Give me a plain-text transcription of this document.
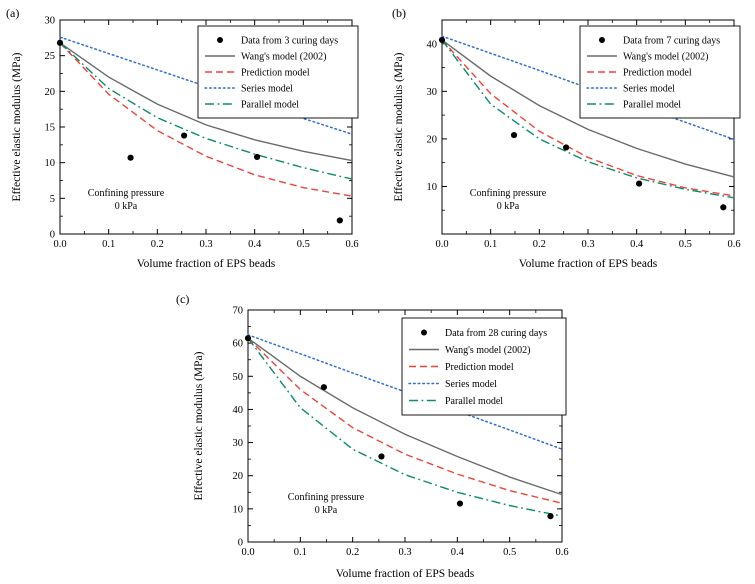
(a)
0.0	0.1	0.2	0.3	0.4	0.5	0.6
0
5
10
15
20
25
30
Volume fraction of EPS beads
Effective elastic modulus (MPa)	Confining pressure
0 kPa
Data from 3 curing days
Wang's model (2002)
Prediction model
Series model
Parallel model
(b)
0.0	0.1	0.2	0.3	0.4	0.5	0.6
10
20
30
40
Volume fraction of EPS beads
Effective elastic modulus (MPa)	Confining pressure
0 kPa
Data from 7 curing days
Wang's model (2002)
Prediction model
Series model
Parallel model
(c)
0.0	0.1	0.2	0.3	0.4	0.5	0.6
0
10
20
30
40
50
60
70
Volume fraction of EPS beads
Effective elastic modulus (MPa)	Confining pressure
0 kPa
Data from 28 curing days
Wang's model (2002)
Prediction model
Series model
Parallel model
